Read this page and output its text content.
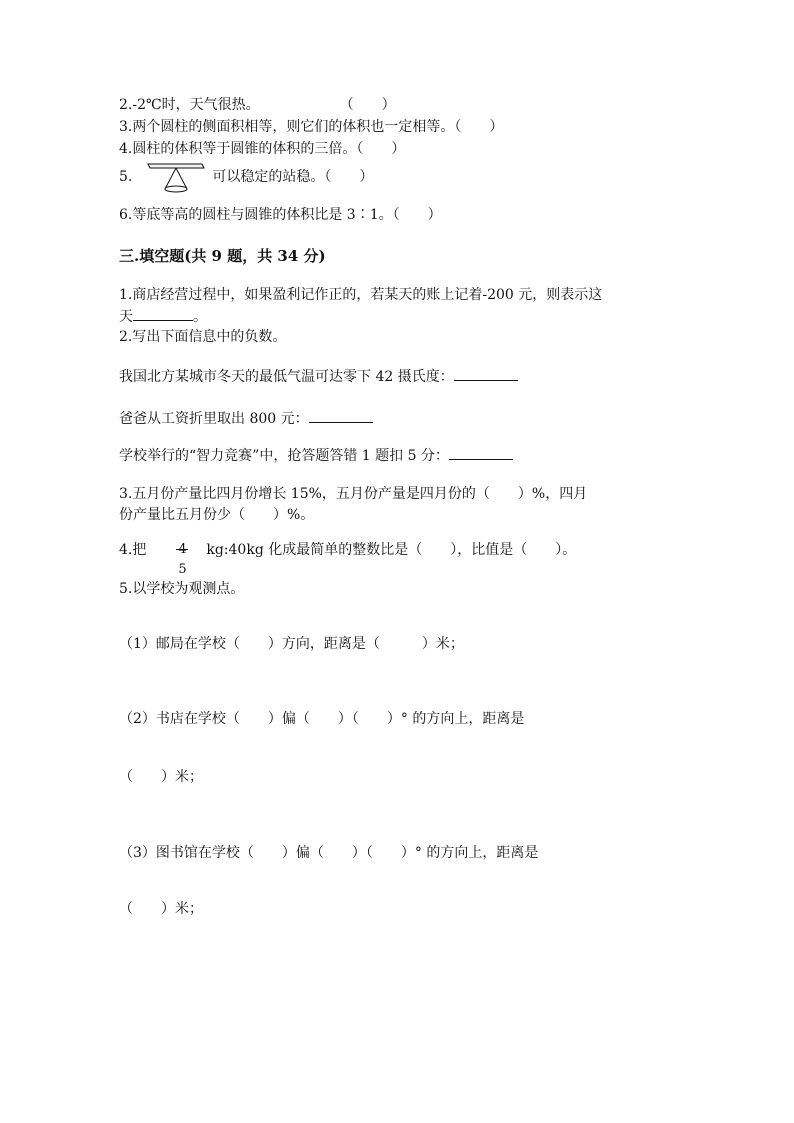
2.-2℃时，天气很热。	（　　）
3.两个圆柱的侧面积相等，则它们的体积也一定相等。（　　）
4.圆柱的体积等于圆锥的体积的三倍。（　　）
5.	可以稳定的站稳。（　　）
6.等底等高的圆柱与圆锥的体积比是 3∶1。（　　）
三.填空题(共 9 题，共 34 分)
1.商店经营过程中，如果盈利记作正的，若某天的账上记着-200 元，则表示这
天	。
2.写出下面信息中的负数。
我国北方某城市冬天的最低气温可达零下 42 摄氏度：
爸爸从工资折里取出 800 元：
学校举行的“智力竞赛”中，抢答题答错 1 题扣 5 分：
3.五月份产量比四月份增长 15%，五月份产量是四月份的（　　）%，四月
份产量比五月份少（　　）%。
4.把 4
5
kg:40kg 化成最简单的整数比是（　　），比值是（　　）。
5.以学校为观测点。
（1）邮局在学校（　　）方向，距离是（　　　）米；
（2）书店在学校（　　）偏（　　）（　　）° 的方向上，距离是
（　　）米；
（3）图书馆在学校（　　）偏（　　）（　　）° 的方向上，距离是
（　　）米；
